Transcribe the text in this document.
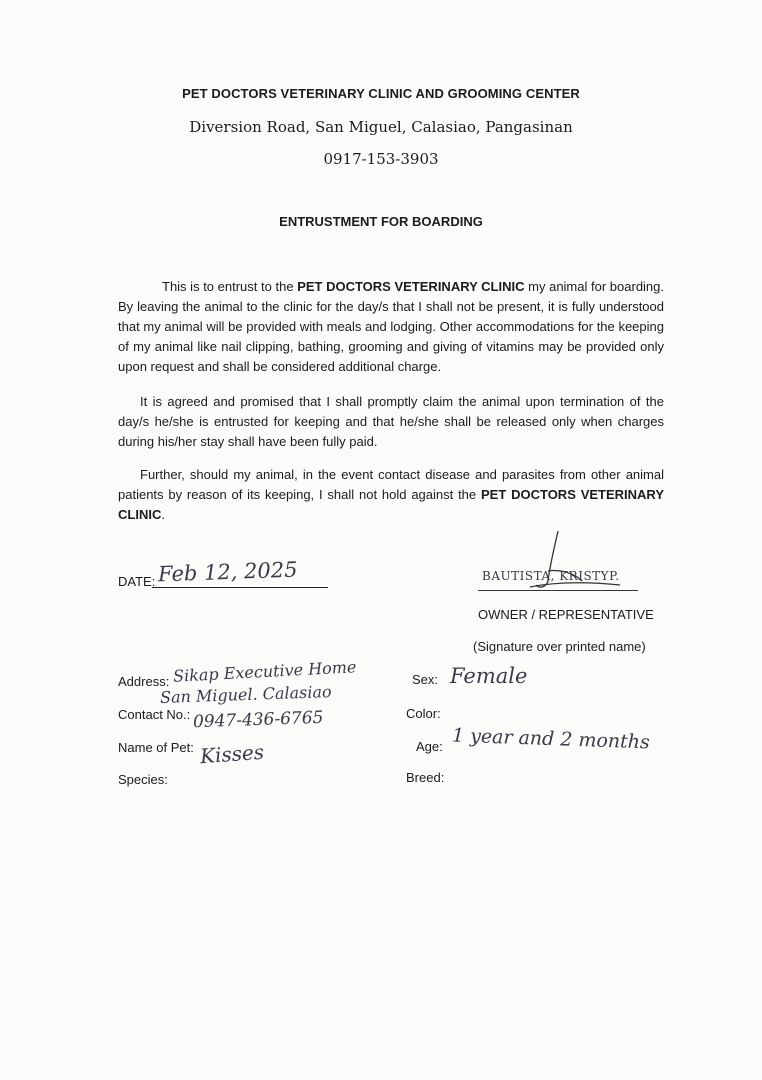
PET DOCTORS VETERINARY CLINIC AND GROOMING CENTER
Diversion Road, San Miguel, Calasiao, Pangasinan
0917-153-3903
ENTRUSTMENT FOR BOARDING
This is to entrust to the PET DOCTORS VETERINARY CLINIC my animal for boarding. By leaving the animal to the clinic for the day/s that I shall not be present, it is fully understood that my animal will be provided with meals and lodging. Other accommodations for the keeping of my animal like nail clipping, bathing, grooming and giving of vitamins may be provided only upon request and shall be considered additional charge.
It is agreed and promised that I shall promptly claim the animal upon termination of the day/s he/she is entrusted for keeping and that he/she shall be released only when charges during his/her stay shall have been fully paid.
Further, should my animal, in the event contact disease and parasites from other animal patients by reason of its keeping, I shall not hold against the PET DOCTORS VETERINARY CLINIC.
DATE: Feb 12, 2025	BAUTISTA, KRISTYP.
OWNER / REPRESENTATIVE
(Signature over printed name)
Address: Sikap Executive Home
San Miguel. Calasiao
Contact No.: 0947-436-6765
Name of Pet: Kisses
Species:
Sex: Female
Color:
Age: 1 year and 2 months
Breed:
